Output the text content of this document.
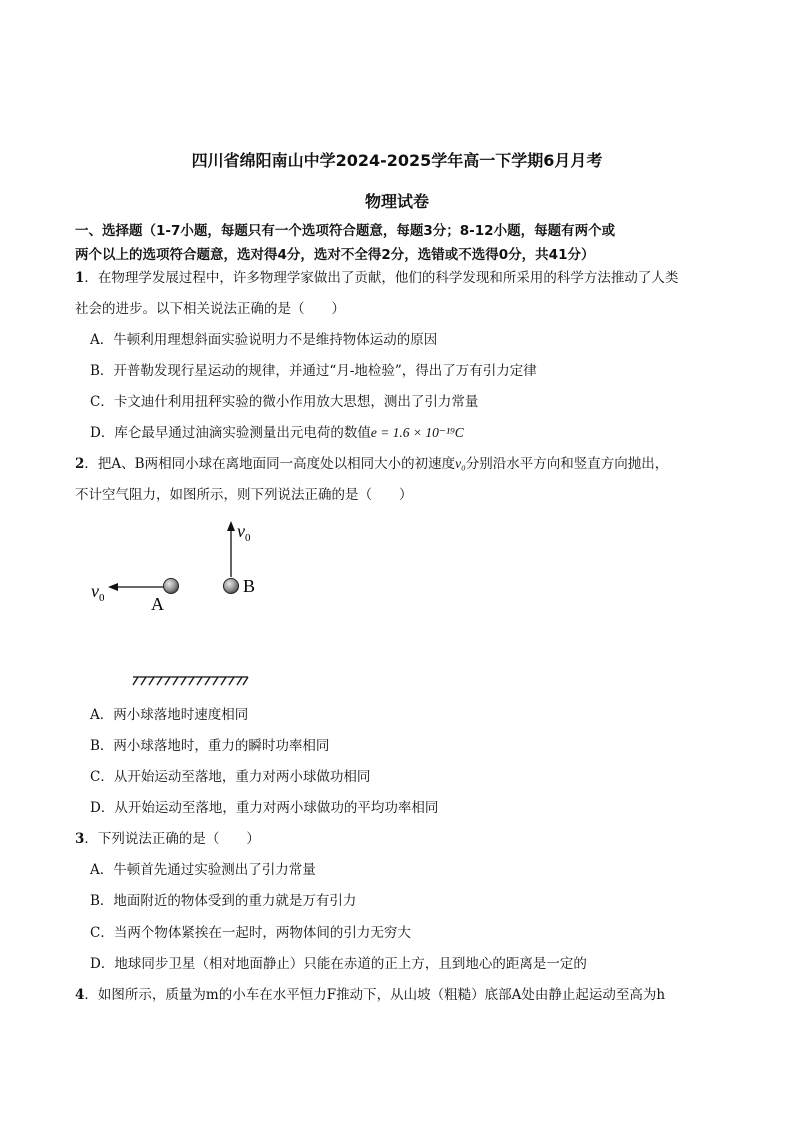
四川省绵阳南山中学2024-2025学年高一下学期6月月考
物理试卷
一、选择题（1-7小题，每题只有一个选项符合题意，每题3分；8-12小题，每题有两个或
两个以上的选项符合题意，选对得4分，选对不全得2分，选错或不选得0分，共41分）
1．在物理学发展过程中，许多物理学家做出了贡献，他们的科学发现和所采用的科学方法推动了人类
社会的进步。以下相关说法正确的是（　　）
A．牛顿利用理想斜面实验说明力不是维持物体运动的原因
B．开普勒发现行星运动的规律，并通过“月-地检验”，得出了万有引力定律
C．卡文迪什利用扭秤实验的微小作用放大思想，测出了引力常量
D．库仑最早通过油滴实验测量出元电荷的数值e = 1.6 × 10⁻¹⁹C
2．把A、B两相同小球在离地面同一高度处以相同大小的初速度v₀分别沿水平方向和竖直方向抛出，
不计空气阻力，如图所示，则下列说法正确的是（　　）
$v_0$
$v_0$	A
B
A．两小球落地时速度相同
B．两小球落地时，重力的瞬时功率相同
C．从开始运动至落地，重力对两小球做功相同
D．从开始运动至落地，重力对两小球做功的平均功率相同
3．下列说法正确的是（　　）
A．牛顿首先通过实验测出了引力常量
B．地面附近的物体受到的重力就是万有引力
C．当两个物体紧挨在一起时，两物体间的引力无穷大
D．地球同步卫星（相对地面静止）只能在赤道的正上方，且到地心的距离是一定的
4．如图所示，质量为m的小车在水平恒力F推动下，从山坡（粗糙）底部A处由静止起运动至高为h
